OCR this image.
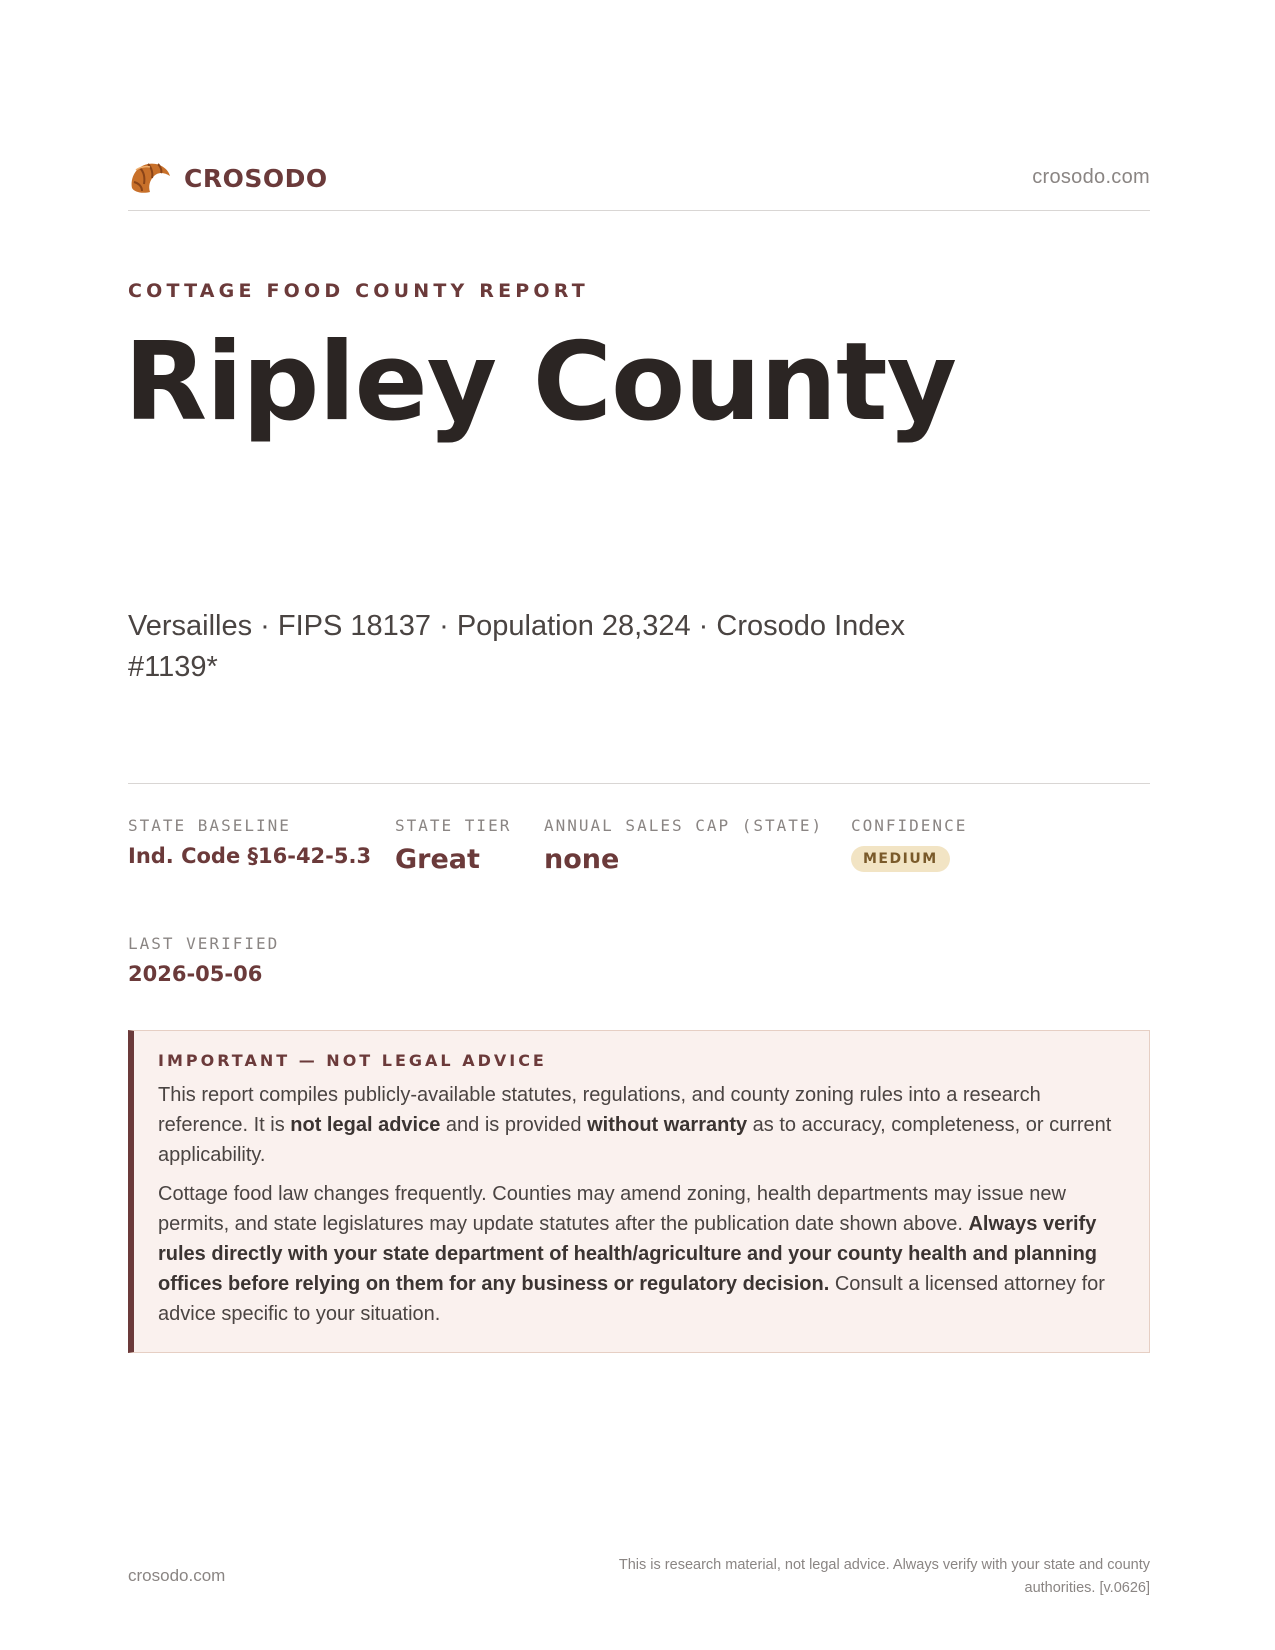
CROSODO	crosodo.com
COTTAGE FOOD COUNTY REPORT
Ripley County
Versailles · FIPS 18137 · Population 28,324 · Crosodo Index #1139*
STATE BASELINE
Ind. Code §16-42-5.3
STATE TIER
Great
ANNUAL SALES CAP (STATE)
none
CONFIDENCE
MEDIUM
LAST VERIFIED
2026-05-06
IMPORTANT — NOT LEGAL ADVICE

This report compiles publicly-available statutes, regulations, and county zoning rules into a research reference. It is not legal advice and is provided without warranty as to accuracy, completeness, or current applicability.

Cottage food law changes frequently. Counties may amend zoning, health departments may issue new permits, and state legislatures may update statutes after the publication date shown above. Always verify rules directly with your state department of health/agriculture and your county health and planning offices before relying on them for any business or regulatory decision. Consult a licensed attorney for advice specific to your situation.

crosodo.com
This is research material, not legal advice. Always verify with your state and county authorities. [v.0626]
